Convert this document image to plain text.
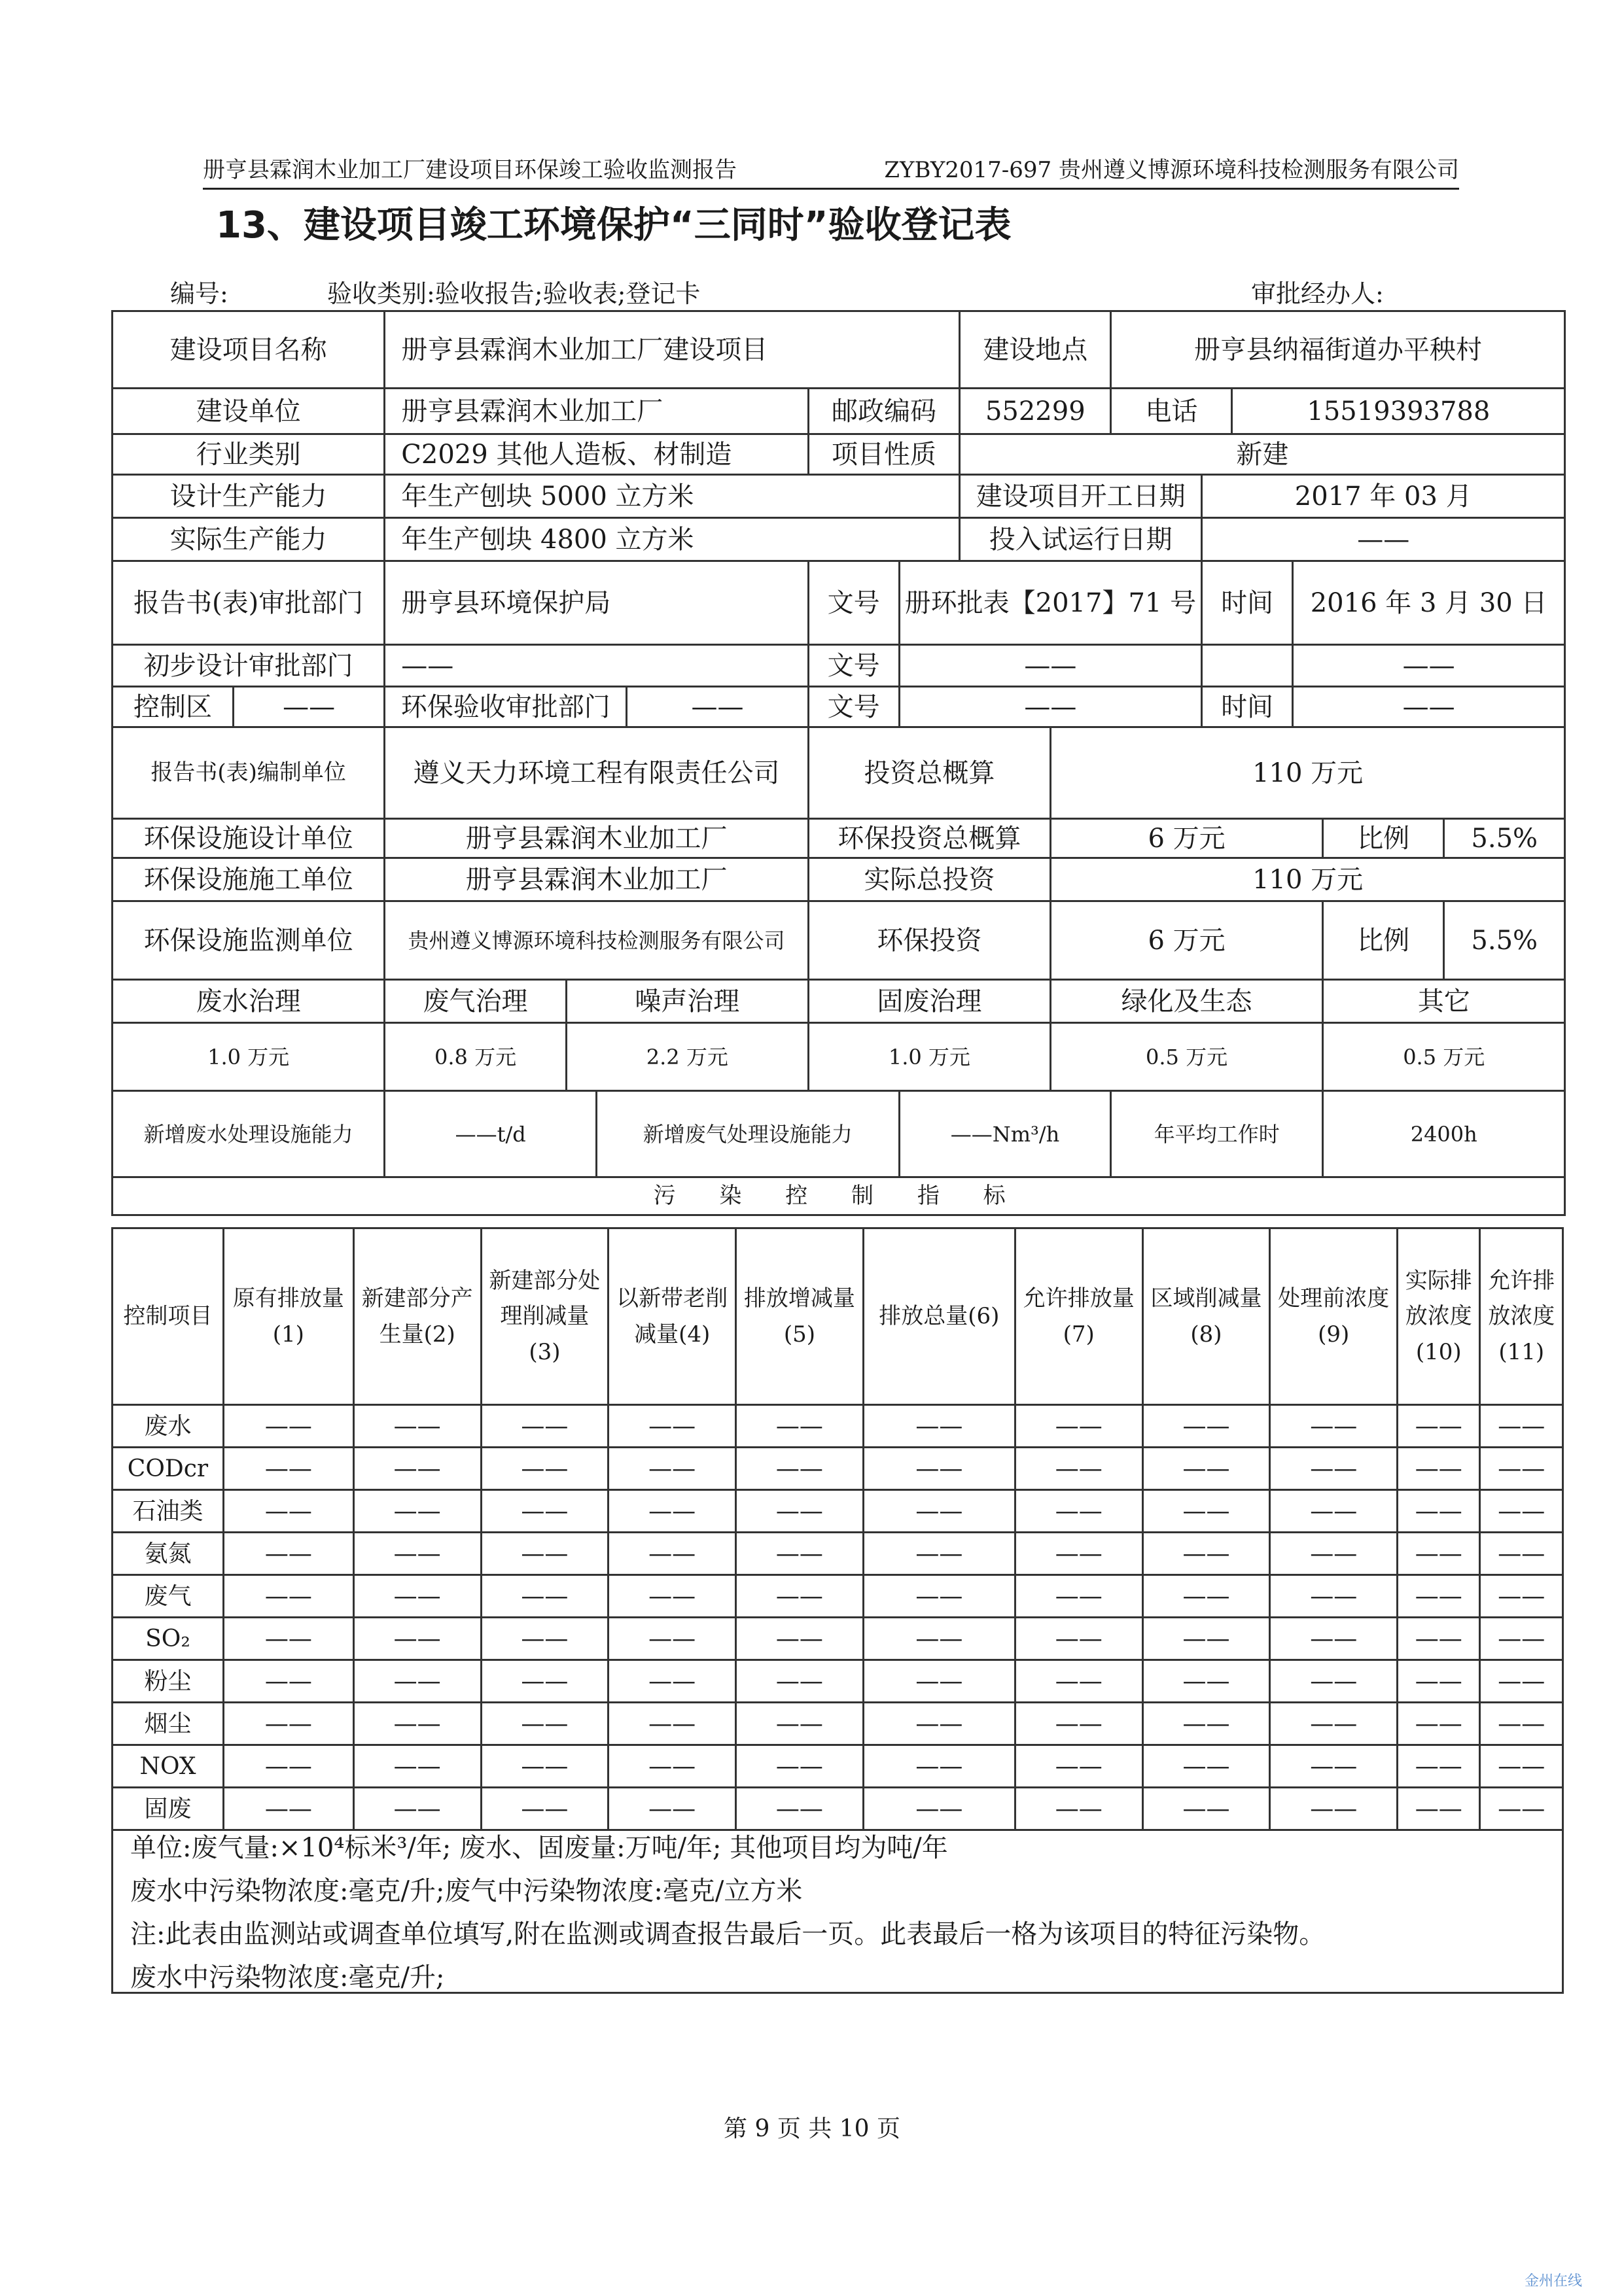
册亨县霖润木业加工厂建设项目环保竣工验收监测报告	ZYBY2017-697 贵州遵义博源环境科技检测服务有限公司
13、建设项目竣工环境保护“三同时”验收登记表
编号:	验收类别:验收报告;验收表;登记卡	审批经办人:
建设项目名称		册亨县霖润木业加工厂建设项目						建设地点		册亨县纳福街道办平秧村					
建设单位		册亨县霖润木业加工厂				邮政编码		552299		电话		15519393788			
行业类别		C2029 其他人造板、材制造				项目性质		新建							
设计生产能力		年生产刨块 5000 立方米						建设项目开工日期			2017 年 03 月				
实际生产能力		年生产刨块 4800 立方米						投入试运行日期			——				
报告书(表)审批部门		册亨县环境保护局				文号	册环批表【2017】71 号				时间		2016 年 3 月 30 日		
初步设计审批部门		——				文号	——						——		
控制区	——	环保验收审批部门			——	文号	——				时间		——		
报告书(表)编制单位		遵义天力环境工程有限责任公司				投资总概算			110 万元						
环保设施设计单位		册亨县霖润木业加工厂				环保投资总概算			6 万元					比例	5.5%
环保设施施工单位		册亨县霖润木业加工厂				实际总投资			110 万元						
环保设施监测单位		贵州遵义博源环境科技检测服务有限公司				环保投资			6 万元					比例	5.5%
废水治理		废气治理	噪声治理			固废治理			绿化及生态					其它	
1.0 万元		0.8 万元	2.2 万元			1.0 万元			0.5 万元					0.5 万元	
新增废水处理设施能力		——t/d		新增废气处理设施能力			——Nm³/h			年平均工作时				2400h	
污 染 控 制 指 标															
控制项目	原有排放量(1)	新建部分产生量(2)	新建部分处理削减量(3)	以新带老削减量(4)	排放增减量(5)	排放总量(6)	允许排放量(7)	区域削减量(8)	处理前浓度(9)	实际排放浓度(10)	允许排放浓度(11)
废水	——	——	——	——	——	——	——	——	——	——	——
CODcr	——	——	——	——	——	——	——	——	——	——	——
石油类	——	——	——	——	——	——	——	——	——	——	——
氨氮	——	——	——	——	——	——	——	——	——	——	——
废气	——	——	——	——	——	——	——	——	——	——	——
SO₂	——	——	——	——	——	——	——	——	——	——	——
粉尘	——	——	——	——	——	——	——	——	——	——	——
烟尘	——	——	——	——	——	——	——	——	——	——	——
NOX	——	——	——	——	——	——	——	——	——	——	——
固废	——	——	——	——	——	——	——	——	——	——	——
单位:废气量:×10⁴标米³/年; 废水、固废量:万吨/年; 其他项目均为吨/年
废水中污染物浓度:毫克/升;废气中污染物浓度:毫克/立方米
注:此表由监测站或调查单位填写,附在监测或调查报告最后一页。此表最后一格为该项目的特征污染物。
废水中污染物浓度:毫克/升;
第 9 页 共 10 页
金州在线
